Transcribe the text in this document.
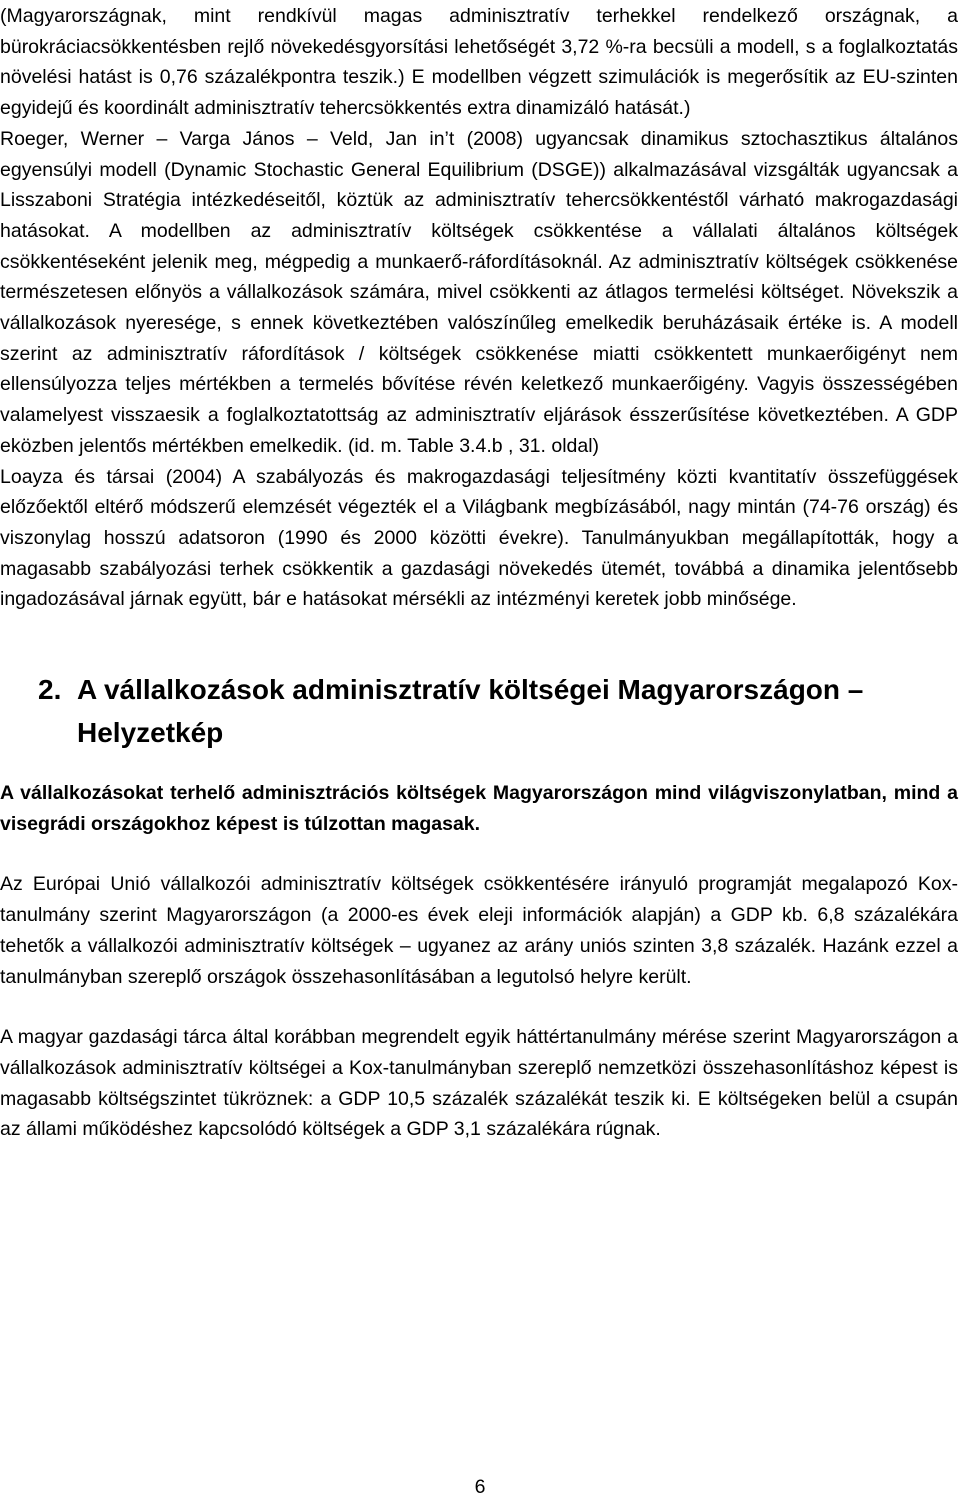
(Magyarországnak, mint rendkívül magas adminisztratív terhekkel rendelkező országnak, a bürokráciacsökkentésben rejlő növekedésgyorsítási lehetőségét 3,72 %-ra becsüli a modell, s a foglalkoztatás növelési hatást is 0,76 százalékpontra teszik.) E modellben végzett szimulációk is megerősítik az EU-szinten egyidejű és koordinált adminisztratív tehercsökkentés extra dinamizáló hatását.)

Roeger, Werner – Varga János – Veld, Jan in’t (2008) ugyancsak dinamikus sztochasztikus általános egyensúlyi modell (Dynamic Stochastic General Equilibrium (DSGE)) alkalmazásával vizsgálták ugyancsak a Lisszaboni Stratégia intézkedéseitől, köztük az adminisztratív tehercsökkentéstől várható makrogazdasági hatásokat. A modellben az adminisztratív költségek csökkentése a vállalati általános költségek csökkentéseként jelenik meg, mégpedig a munkaerő-ráfordításoknál. Az adminisztratív költségek csökkenése természetesen előnyös a vállalkozások számára, mivel csökkenti az átlagos termelési költséget. Növekszik a vállalkozások nyeresége, s ennek következtében valószínűleg emelkedik beruházásaik értéke is. A modell szerint az adminisztratív ráfordítások / költségek csökkenése miatti csökkentett munkaerőigényt nem ellensúlyozza teljes mértékben a termelés bővítése révén keletkező munkaerőigény. Vagyis összességében valamelyest visszaesik a foglalkoztatottság az adminisztratív eljárások ésszerűsítése következtében. A GDP eközben jelentős mértékben emelkedik. (id. m. Table 3.4.b , 31. oldal)

Loayza és társai (2004) A szabályozás és makrogazdasági teljesítmény közti kvantitatív összefüggések előzőektől eltérő módszerű elemzését végezték el a Világbank megbízásából, nagy mintán (74-76 ország) és viszonylag hosszú adatsoron (1990 és 2000 közötti évekre). Tanulmányukban megállapították, hogy a magasabb szabályozási terhek csökkentik a gazdasági növekedés ütemét, továbbá a dinamika jelentősebb ingadozásával járnak együtt, bár e hatásokat mérsékli az intézményi keretek jobb minősége.

2. A vállalkozások adminisztratív költségei Magyarországon –
Helyzetkép

A vállalkozásokat terhelő adminisztrációs költségek Magyarországon mind világviszonylatban, mind a visegrádi országokhoz képest is túlzottan magasak.

Az Európai Unió vállalkozói adminisztratív költségek csökkentésére irányuló programját megalapozó Kox-tanulmány szerint Magyarországon (a 2000-es évek eleji információk alapján) a GDP kb. 6,8 százalékára tehetők a vállalkozói adminisztratív költségek – ugyanez az arány uniós szinten 3,8 százalék. Hazánk ezzel a tanulmányban szereplő országok összehasonlításában a legutolsó helyre került.

A magyar gazdasági tárca által korábban megrendelt egyik háttértanulmány mérése szerint Magyarországon a vállalkozások adminisztratív költségei a Kox-tanulmányban szereplő nemzetközi összehasonlításhoz képest is magasabb költségszintet tükröznek: a GDP 10,5 százalék százalékát teszik ki. E költségeken belül a csupán az állami működéshez kapcsolódó költségek a GDP 3,1 százalékára rúgnak.

6
